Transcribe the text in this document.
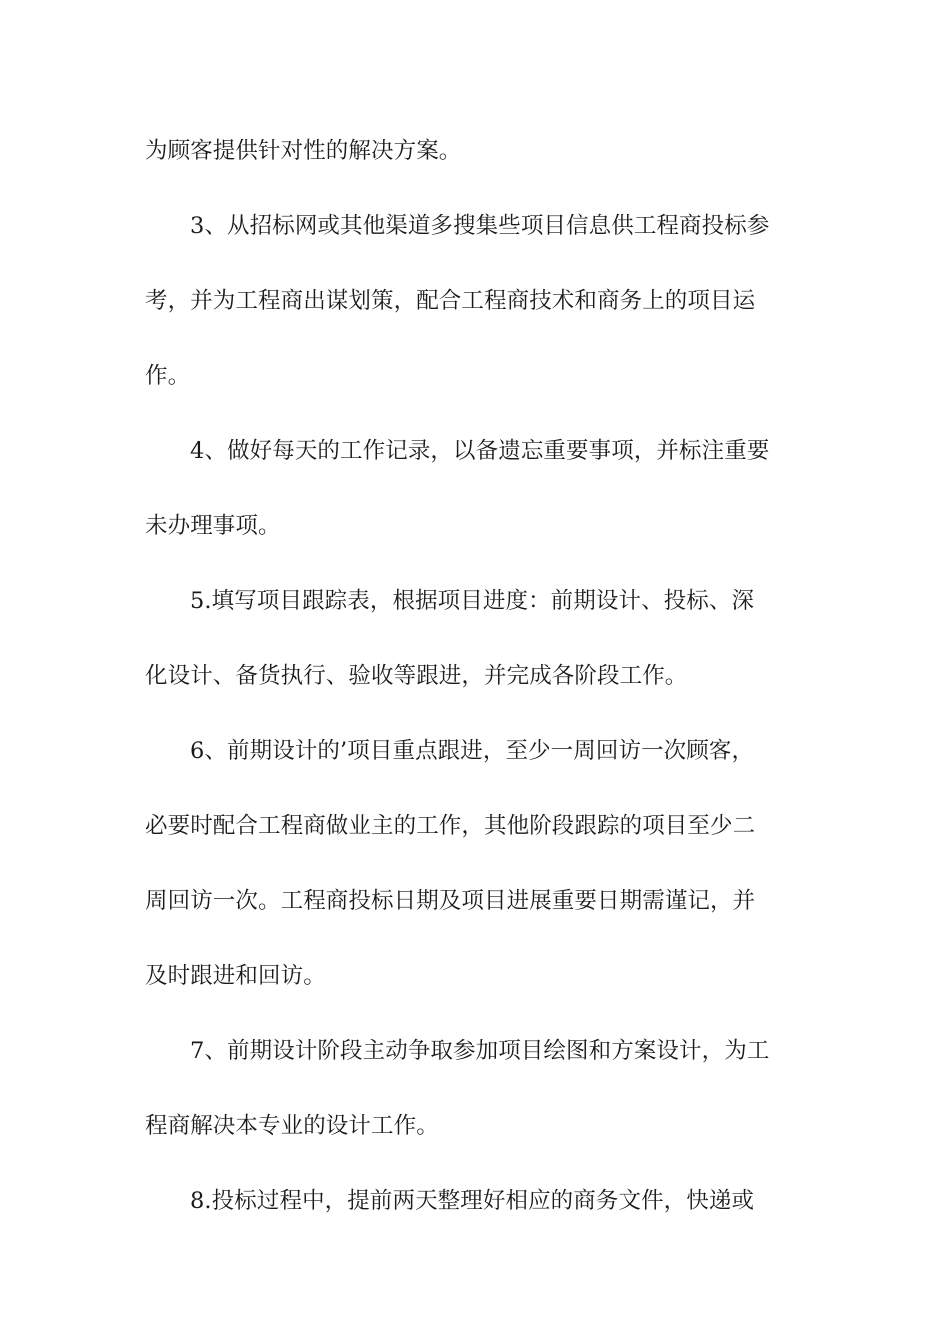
为顾客提供针对性的解决方案。
3、从招标网或其他渠道多搜集些项目信息供工程商投标参
考，并为工程商出谋划策，配合工程商技术和商务上的项目运
作。
4、做好每天的工作记录，以备遗忘重要事项，并标注重要
未办理事项。
5.填写项目跟踪表，根据项目进度：前期设计、投标、深
化设计、备货执行、验收等跟进，并完成各阶段工作。
6、前期设计的’项目重点跟进，至少一周回访一次顾客，
必要时配合工程商做业主的工作，其他阶段跟踪的项目至少二
周回访一次。工程商投标日期及项目进展重要日期需谨记，并
及时跟进和回访。
7、前期设计阶段主动争取参加项目绘图和方案设计，为工
程商解决本专业的设计工作。
8.投标过程中，提前两天整理好相应的商务文件，快递或
